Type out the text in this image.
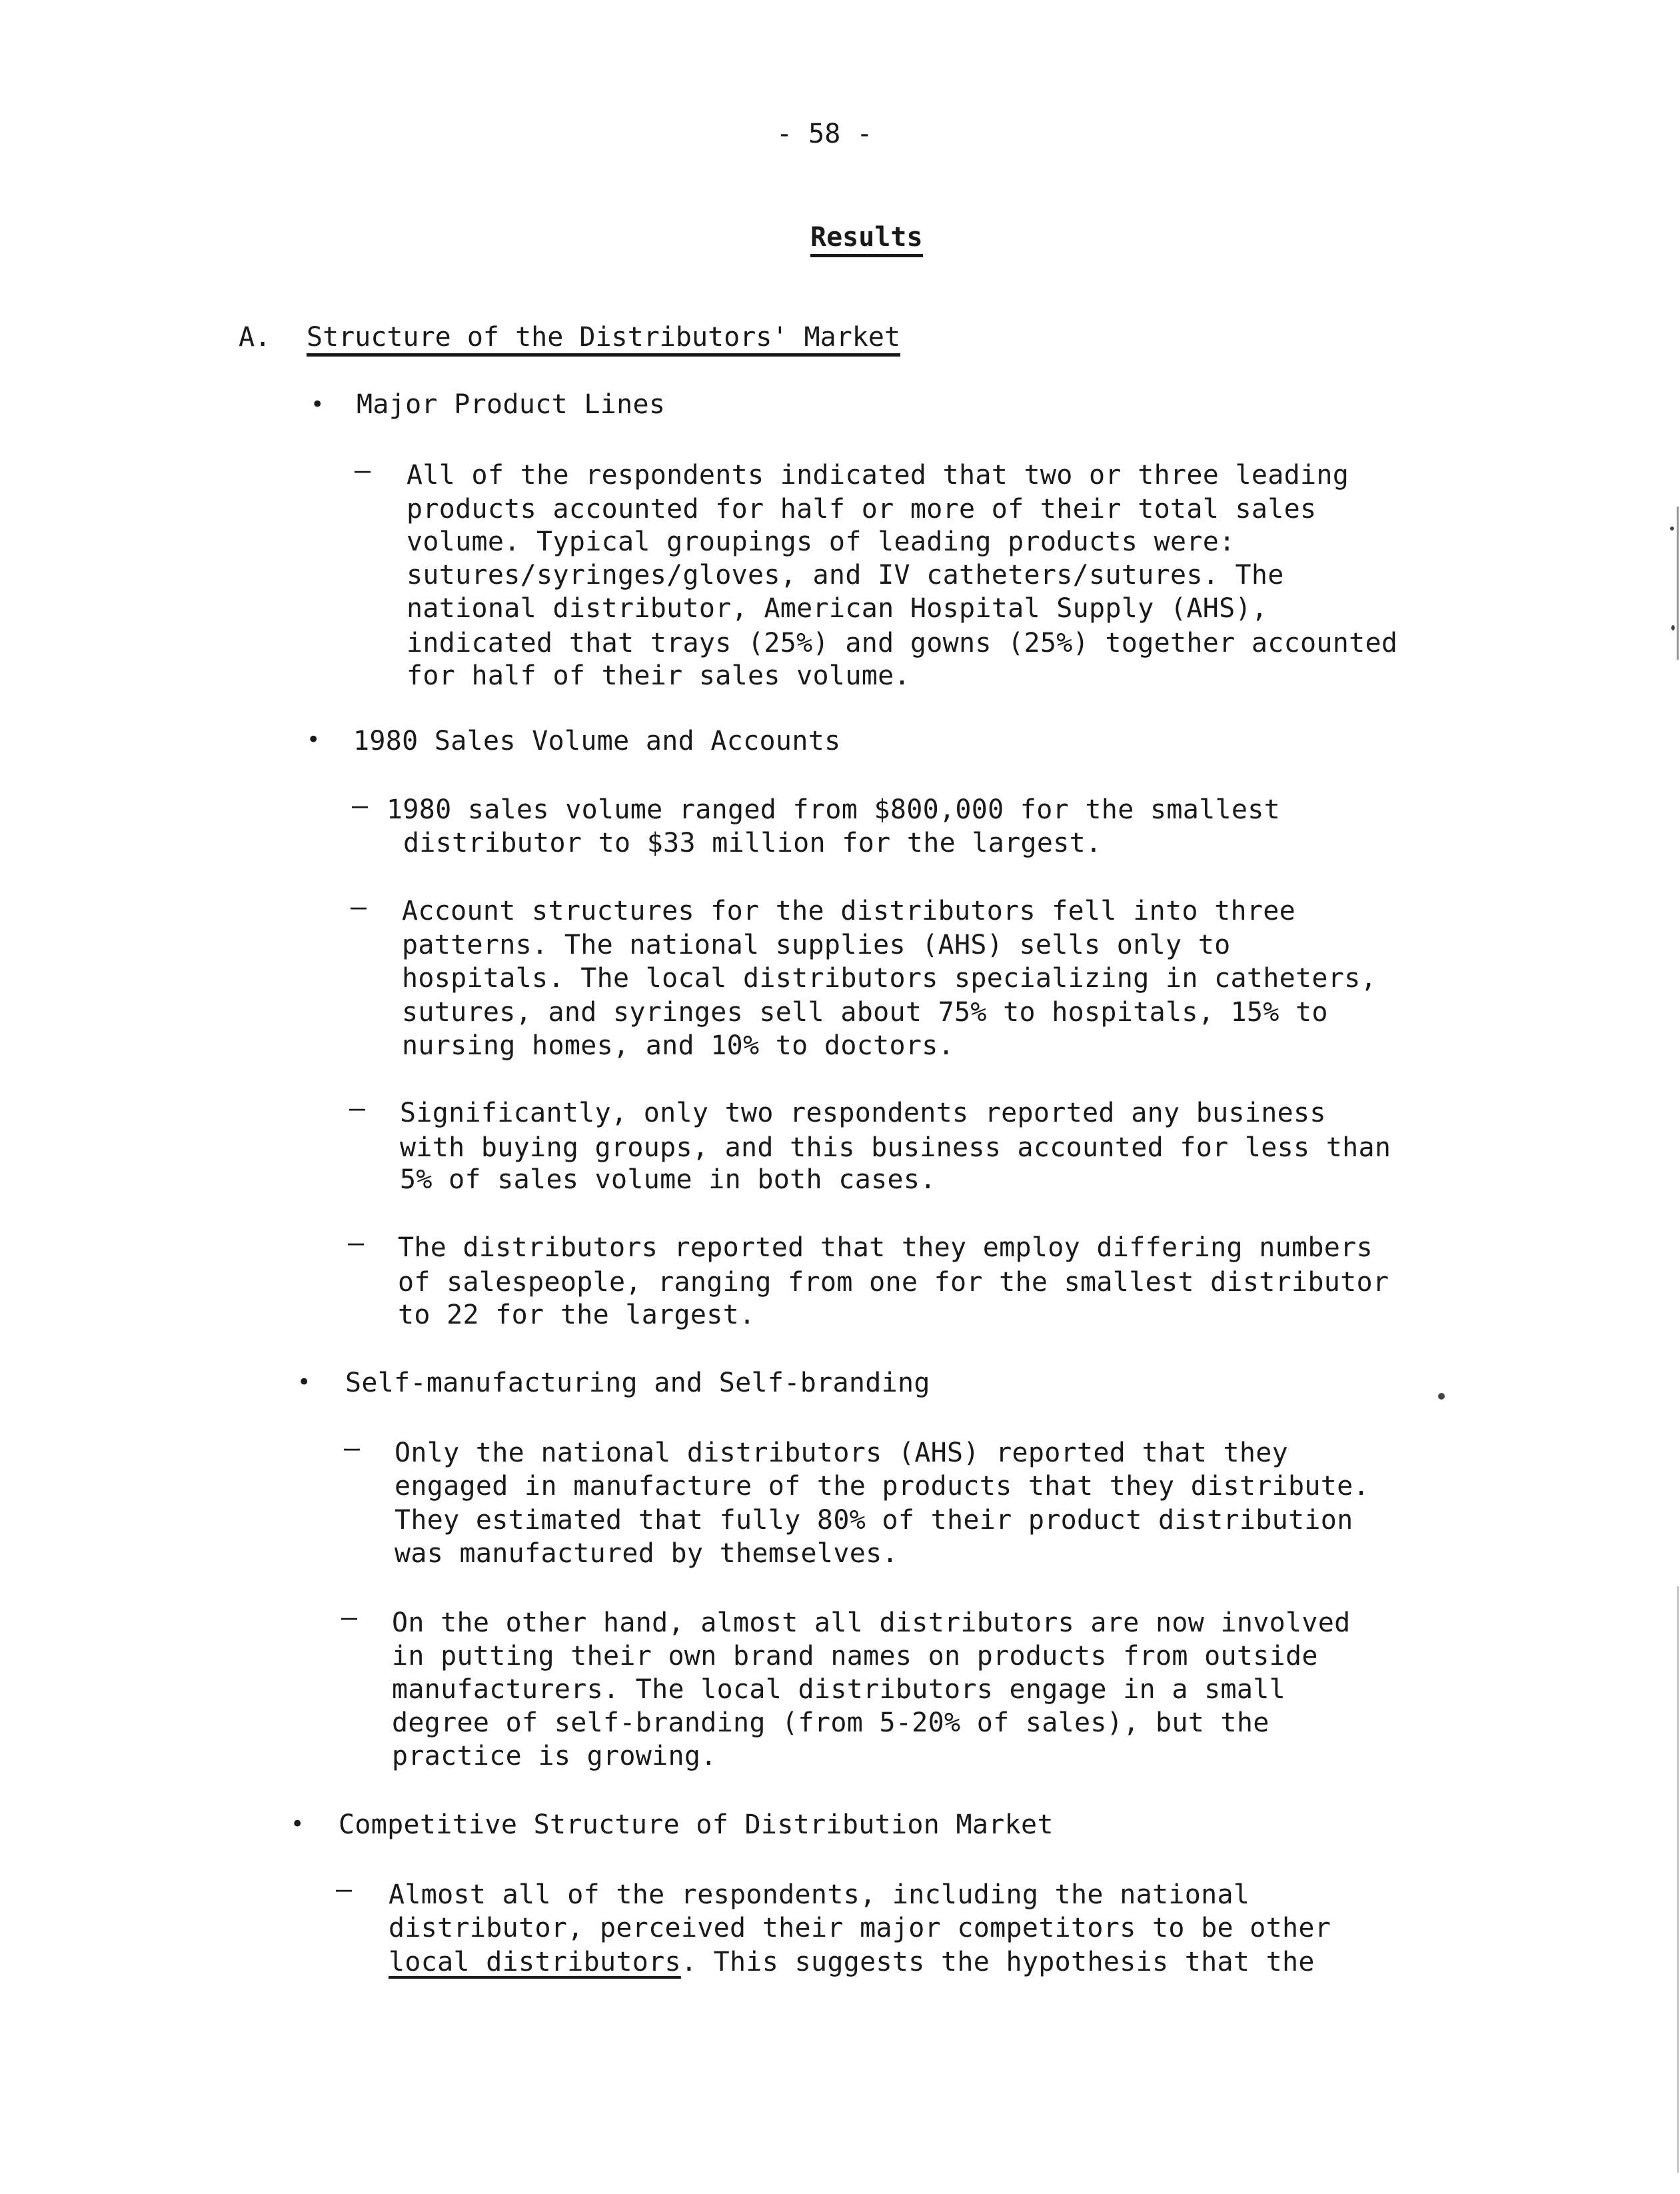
- 58 -
Results
A. Structure of the Distributors' Market
• Major Product Lines
– All of the respondents indicated that two or three leading
products accounted for half or more of their total sales
volume. Typical groupings of leading products were:
sutures/syringes/gloves, and IV catheters/sutures. The
national distributor, American Hospital Supply (AHS),
indicated that trays (25%) and gowns (25%) together accounted
for half of their sales volume.
• 1980 Sales Volume and Accounts
– 1980 sales volume ranged from $800,000 for the smallest
distributor to $33 million for the largest.
– Account structures for the distributors fell into three
patterns. The national supplies (AHS) sells only to
hospitals. The local distributors specializing in catheters,
sutures, and syringes sell about 75% to hospitals, 15% to
nursing homes, and 10% to doctors.
– Significantly, only two respondents reported any business
with buying groups, and this business accounted for less than
5% of sales volume in both cases.
– The distributors reported that they employ differing numbers
of salespeople, ranging from one for the smallest distributor
to 22 for the largest.
• Self-manufacturing and Self-branding
– Only the national distributors (AHS) reported that they
engaged in manufacture of the products that they distribute.
They estimated that fully 80% of their product distribution
was manufactured by themselves.
– On the other hand, almost all distributors are now involved
in putting their own brand names on products from outside
manufacturers. The local distributors engage in a small
degree of self-branding (from 5-20% of sales), but the
practice is growing.
• Competitive Structure of Distribution Market
– Almost all of the respondents, including the national
distributor, perceived their major competitors to be other
local distributors. This suggests the hypothesis that the
